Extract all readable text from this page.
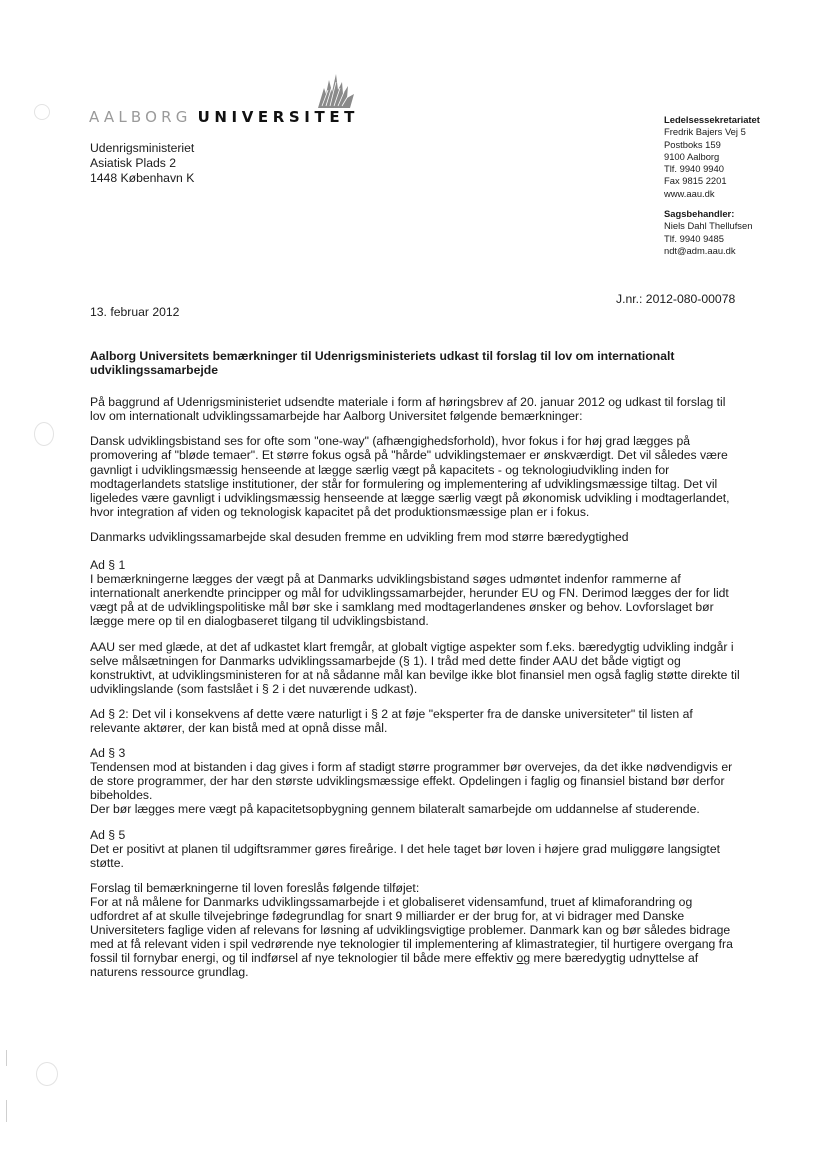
AALBORG UNIVERSITET
Udenrigsministeriet
Asiatisk Plads 2
1448 København K
Ledelsessekretariatet
Fredrik Bajers Vej 5
Postboks 159
9100 Aalborg
Tlf. 9940 9940
Fax 9815 2201
www.aau.dk
Sagsbehandler:
Niels Dahl Thellufsen
Tlf. 9940 9485
ndt@adm.aau.dk
J.nr.: 2012-080-00078
13. februar 2012
Aalborg Universitets bemærkninger til Udenrigsministeriets udkast til forslag til lov om internationalt udviklingssamarbejde

På baggrund af Udenrigsministeriet udsendte materiale i form af høringsbrev af 20. januar 2012 og udkast til forslag til lov om internationalt udviklingssamarbejde har Aalborg Universitet følgende bemærkninger:

Dansk udviklingsbistand ses for ofte som "one-way" (afhængighedsforhold), hvor fokus i for høj grad lægges på promovering af "bløde temaer". Et større fokus også på "hårde" udviklingstemaer er ønskværdigt. Det vil således være gavnligt i udviklingsmæssig henseende at lægge særlig vægt på kapacitets - og teknologiudvikling inden for modtagerlandets statslige institutioner, der står for formulering og implementering af udviklingsmæssige tiltag. Det vil ligeledes være gavnligt i udviklingsmæssig henseende at lægge særlig vægt på økonomisk udvikling i modtagerlandet, hvor integration af viden og teknologisk kapacitet på det produktionsmæssige plan er i fokus.

Danmarks udviklingssamarbejde skal desuden fremme en udvikling frem mod større bæredygtighed

Ad § 1
I bemærkningerne lægges der vægt på at Danmarks udviklingsbistand søges udmøntet indenfor rammerne af internationalt anerkendte principper og mål for udviklingssamarbejder, herunder EU og FN. Derimod lægges der for lidt vægt på at de udviklingspolitiske mål bør ske i samklang med modtagerlandenes ønsker og behov. Lovforslaget bør lægge mere op til en dialogbaseret tilgang til udviklingsbistand.

AAU ser med glæde, at det af udkastet klart fremgår, at globalt vigtige aspekter som f.eks. bæredygtig udvikling indgår i selve målsætningen for Danmarks udviklingssamarbejde (§ 1). I tråd med dette finder AAU det både vigtigt og konstruktivt, at udviklingsministeren for at nå sådanne mål kan bevilge ikke blot finansiel men også faglig støtte direkte til udviklingslande (som fastslået i § 2 i det nuværende udkast).

Ad § 2: Det vil i konsekvens af dette være naturligt i § 2 at føje "eksperter fra de danske universiteter" til listen af relevante aktører, der kan bistå med at opnå disse mål.

Ad § 3
Tendensen mod at bistanden i dag gives i form af stadigt større programmer bør overvejes, da det ikke nødvendigvis er de store programmer, der har den største udviklingsmæssige effekt. Opdelingen i faglig og finansiel bistand bør derfor bibeholdes.
Der bør lægges mere vægt på kapacitetsopbygning gennem bilateralt samarbejde om uddannelse af studerende.

Ad § 5
Det er positivt at planen til udgiftsrammer gøres fireårige. I det hele taget bør loven i højere grad muliggøre langsigtet støtte.

Forslag til bemærkningerne til loven foreslås følgende tilføjet:
For at nå målene for Danmarks udviklingssamarbejde i et globaliseret vidensamfund, truet af klimaforandring og udfordret af at skulle tilvejebringe fødegrundlag for snart 9 milliarder er der brug for, at vi bidrager med Danske Universiteters faglige viden af relevans for løsning af udviklingsvigtige problemer. Danmark kan og bør således bidrage med at få relevant viden i spil vedrørende nye teknologier til implementering af klimastrategier, til hurtigere overgang fra fossil til fornybar energi, og til indførsel af nye teknologier til både mere effektiv og mere bæredygtig udnyttelse af naturens ressource grundlag.
